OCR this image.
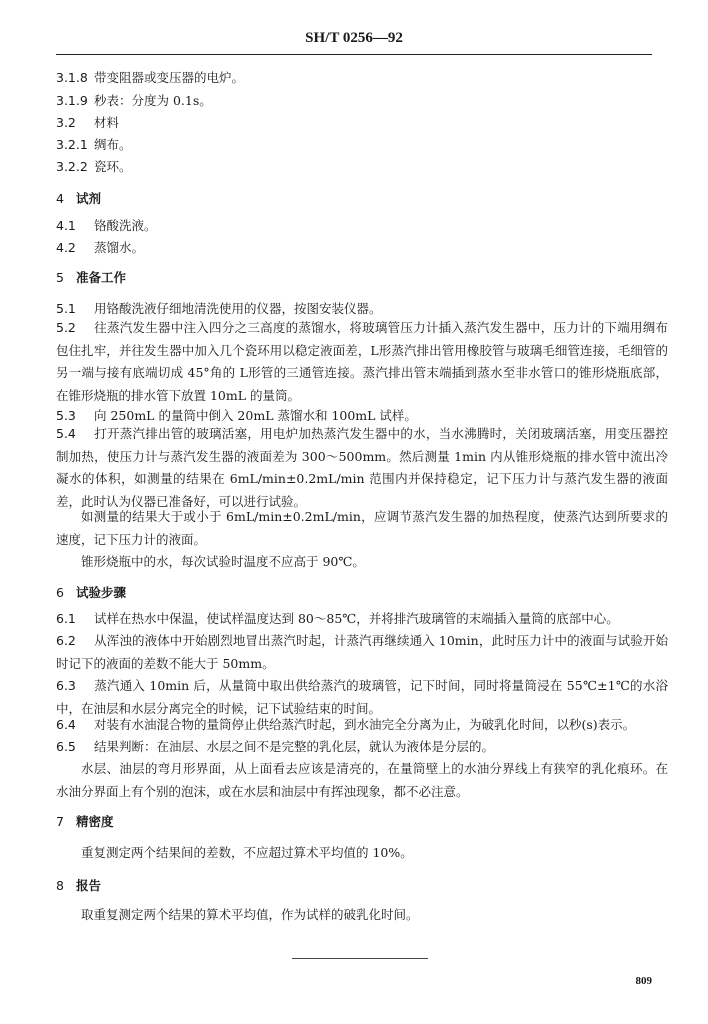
SH/T 0256—92
3.1.8 带变阻器或变压器的电炉。
3.1.9 秒表：分度为 0.1s。
3.2 材料
3.2.1 绸布。
3.2.2 瓷环。
4 试剂
4.1 铬酸洗液。
4.2 蒸馏水。
5 准备工作
5.1 用铬酸洗液仔细地清洗使用的仪器，按图安装仪器。
5.2 往蒸汽发生器中注入四分之三高度的蒸馏水，将玻璃管压力计插入蒸汽发生器中，压力计的下端用绸布包住扎牢，并往发生器中加入几个瓷环用以稳定液面差，L形蒸汽排出管用橡胶管与玻璃毛细管连接，毛细管的另一端与接有底端切成 45°角的 L形管的三通管连接。蒸汽排出管末端插到蒸水至非水管口的锥形烧瓶底部，在锥形烧瓶的排水管下放置 10mL 的量筒。
5.3 向 250mL 的量筒中倒入 20mL 蒸馏水和 100mL 试样。
5.4 打开蒸汽排出管的玻璃活塞，用电炉加热蒸汽发生器中的水，当水沸腾时，关闭玻璃活塞，用变压器控制加热，使压力计与蒸汽发生器的液面差为 300～500mm。然后测量 1min 内从锥形烧瓶的排水管中流出冷凝水的体积，如测量的结果在 6mL/min±0.2mL/min 范围内并保持稳定，记下压力计与蒸汽发生器的液面差，此时认为仪器已准备好，可以进行试验。
如测量的结果大于或小于 6mL/min±0.2mL/min，应调节蒸汽发生器的加热程度，使蒸汽达到所要求的速度，记下压力计的液面。
锥形烧瓶中的水，每次试验时温度不应高于 90℃。
6 试验步骤
6.1 试样在热水中保温，使试样温度达到 80～85℃，并将排汽玻璃管的末端插入量筒的底部中心。
6.2 从浑浊的液体中开始剧烈地冒出蒸汽时起，计蒸汽再继续通入 10min，此时压力计中的液面与试验开始时记下的液面的差数不能大于 50mm。
6.3 蒸汽通入 10min 后，从量筒中取出供给蒸汽的玻璃管，记下时间，同时将量筒浸在 55℃±1℃的水浴中，在油层和水层分离完全的时候，记下试验结束的时间。
6.4 对装有水油混合物的量筒停止供给蒸汽时起，到水油完全分离为止，为破乳化时间，以秒(s)表示。
6.5 结果判断：在油层、水层之间不是完整的乳化层，就认为液体是分层的。
水层、油层的弯月形界面，从上面看去应该是清亮的，在量筒壁上的水油分界线上有狭窄的乳化痕环。在水油分界面上有个别的泡沫，或在水层和油层中有挥浊现象，都不必注意。
7 精密度
重复测定两个结果间的差数，不应超过算术平均值的 10%。
8 报告
取重复测定两个结果的算术平均值，作为试样的破乳化时间。
809
